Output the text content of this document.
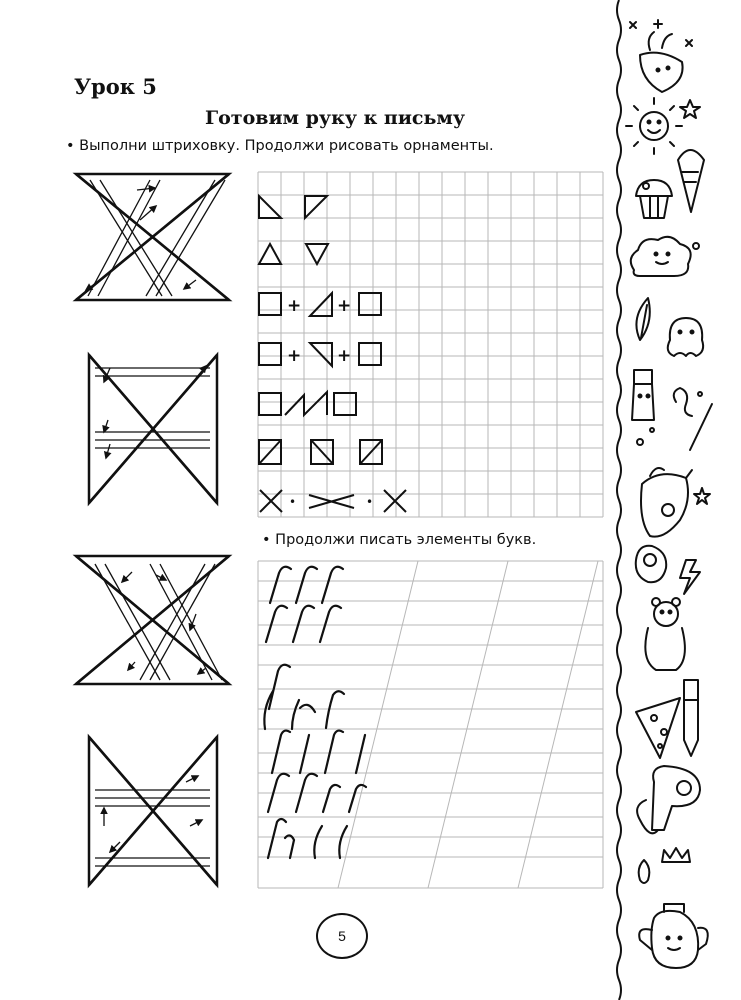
Урок 5
Готовим руку к письму
• Выполни штриховку. Продолжи рисовать орнаменты.
• Продолжи писать элементы букв.
+ +
+ +
•	•
5
